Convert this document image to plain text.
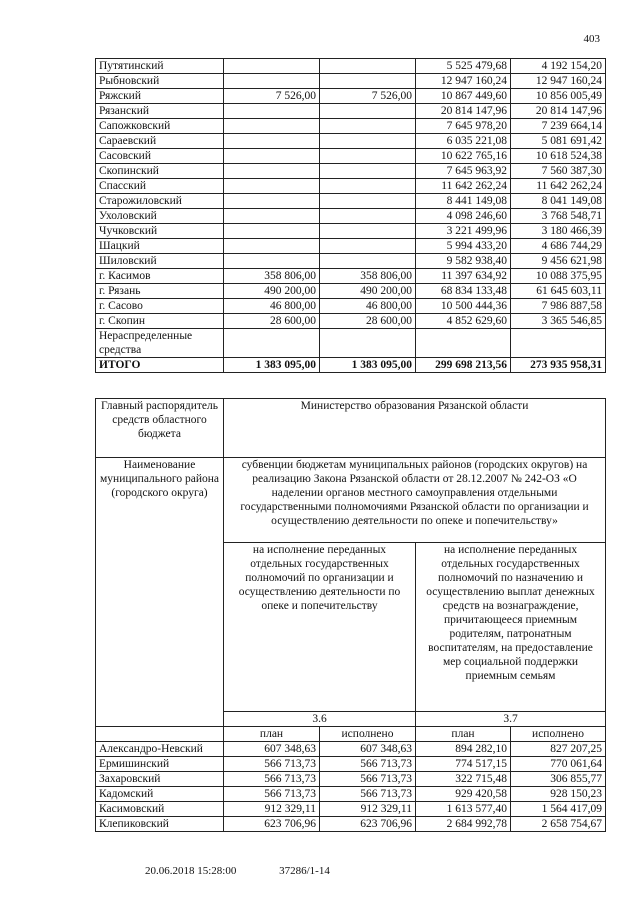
403
Путятинский			5 525 479,68	4 192 154,20
Рыбновский			12 947 160,24	12 947 160,24
Ряжский	7 526,00	7 526,00	10 867 449,60	10 856 005,49
Рязанский			20 814 147,96	20 814 147,96
Сапожковский			7 645 978,20	7 239 664,14
Сараевский			6 035 221,08	5 081 691,42
Сасовский			10 622 765,16	10 618 524,38
Скопинский			7 645 963,92	7 560 387,30
Спасский			11 642 262,24	11 642 262,24
Старожиловский			8 441 149,08	8 041 149,08
Ухоловский			4 098 246,60	3 768 548,71
Чучковский			3 221 499,96	3 180 466,39
Шацкий			5 994 433,20	4 686 744,29
Шиловский			9 582 938,40	9 456 621,98
г. Касимов	358 806,00	358 806,00	11 397 634,92	10 088 375,95
г. Рязань	490 200,00	490 200,00	68 834 133,48	61 645 603,11
г. Сасово	46 800,00	46 800,00	10 500 444,36	7 986 887,58
г. Скопин	28 600,00	28 600,00	4 852 629,60	3 365 546,85
Нераспределенные средства				
ИТОГО	1 383 095,00	1 383 095,00	299 698 213,56	273 935 958,31
Главный распорядитель средств областного бюджета	Министерство образования Рязанской области			
Наименование муниципального района (городского округа)	субвенции бюджетам муниципальных районов (городских округов) на реализацию Закона Рязанской области от 28.12.2007 № 242-ОЗ «О наделении органов местного самоуправления отдельными государственными полномочиями Рязанской области по организации и осуществлению деятельности по опеке и попечительству»			
	на исполнение переданных отдельных государственных полномочий по организации и осуществлению деятельности по опеке и попечительству		на исполнение переданных отдельных государственных полномочий по назначению и осуществлению выплат денежных средств на вознаграждение, причитающееся приемным родителям, патронатным воспитателям, на предоставление мер социальной поддержки приемным семьям	
	3.6		3.7	
	план	исполнено	план	исполнено
Александро-Невский	607 348,63	607 348,63	894 282,10	827 207,25
Ермишинский	566 713,73	566 713,73	774 517,15	770 061,64
Захаровский	566 713,73	566 713,73	322 715,48	306 855,77
Кадомский	566 713,73	566 713,73	929 420,58	928 150,23
Касимовский	912 329,11	912 329,11	1 613 577,40	1 564 417,09
Клепиковский	623 706,96	623 706,96	2 684 992,78	2 658 754,67
20.06.2018 15:28:00	37286/1-14
